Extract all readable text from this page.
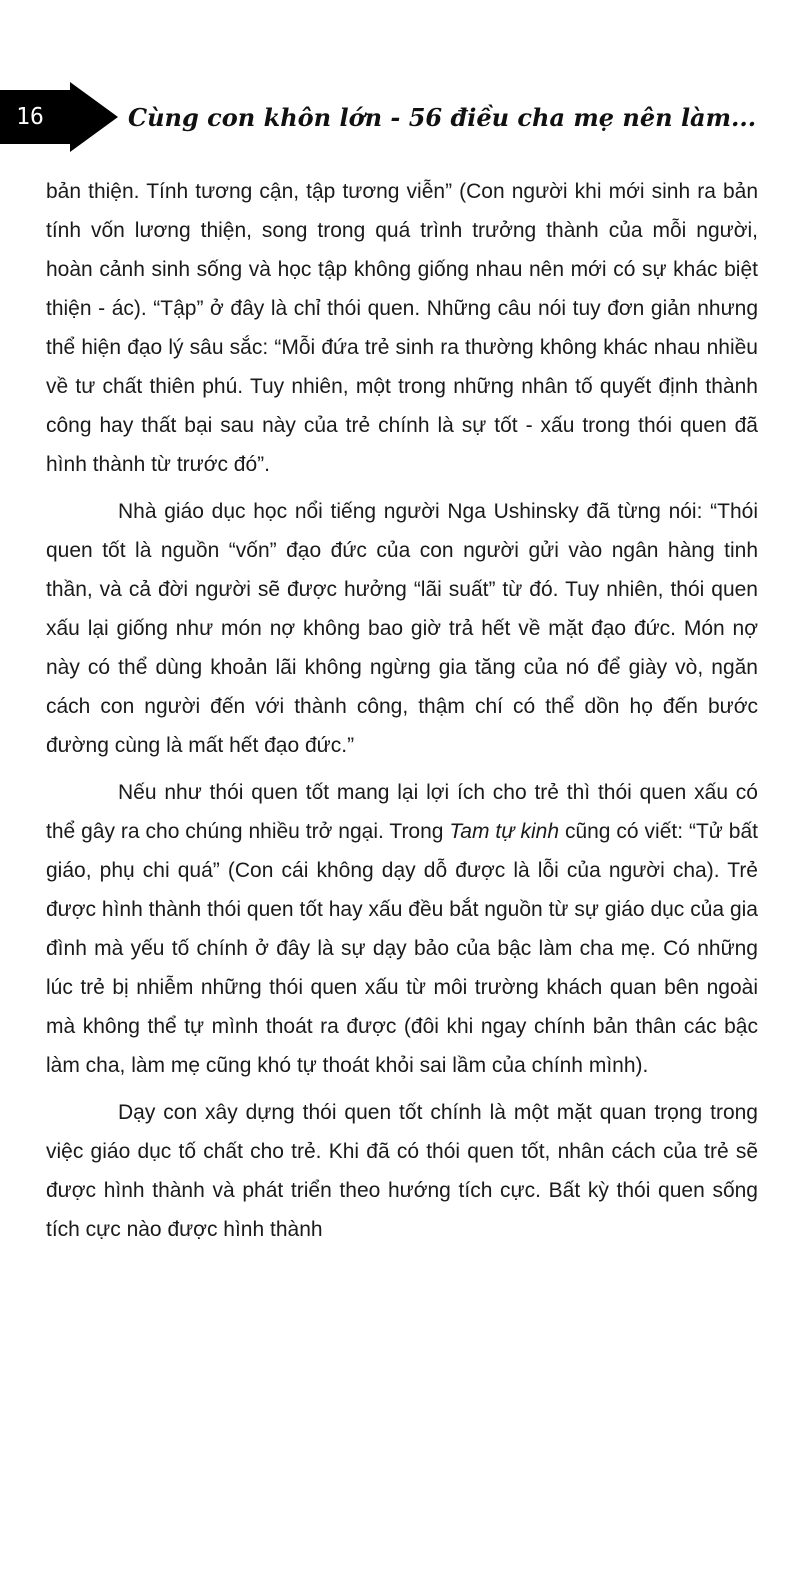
16	Cùng con khôn lớn - 56 điều cha mẹ nên làm...

bản thiện. Tính tương cận, tập tương viễn” (Con người khi mới sinh ra bản tính vốn lương thiện, song trong quá trình trưởng thành của mỗi người, hoàn cảnh sinh sống và học tập không giống nhau nên mới có sự khác biệt thiện - ác). “Tập” ở đây là chỉ thói quen. Những câu nói tuy đơn giản nhưng thể hiện đạo lý sâu sắc: “Mỗi đứa trẻ sinh ra thường không khác nhau nhiều về tư chất thiên phú. Tuy nhiên, một trong những nhân tố quyết định thành công hay thất bại sau này của trẻ chính là sự tốt - xấu trong thói quen đã hình thành từ trước đó”.

Nhà giáo dục học nổi tiếng người Nga Ushinsky đã từng nói: “Thói quen tốt là nguồn “vốn” đạo đức của con người gửi vào ngân hàng tinh thần, và cả đời người sẽ được hưởng “lãi suất” từ đó. Tuy nhiên, thói quen xấu lại giống như món nợ không bao giờ trả hết về mặt đạo đức. Món nợ này có thể dùng khoản lãi không ngừng gia tăng của nó để giày vò, ngăn cách con người đến với thành công, thậm chí có thể dồn họ đến bước đường cùng là mất hết đạo đức.”

Nếu như thói quen tốt mang lại lợi ích cho trẻ thì thói quen xấu có thể gây ra cho chúng nhiều trở ngại. Trong Tam tự kinh cũng có viết: “Tử bất giáo, phụ chi quá” (Con cái không dạy dỗ được là lỗi của người cha). Trẻ được hình thành thói quen tốt hay xấu đều bắt nguồn từ sự giáo dục của gia đình mà yếu tố chính ở đây là sự dạy bảo của bậc làm cha mẹ. Có những lúc trẻ bị nhiễm những thói quen xấu từ môi trường khách quan bên ngoài mà không thể tự mình thoát ra được (đôi khi ngay chính bản thân các bậc làm cha, làm mẹ cũng khó tự thoát khỏi sai lầm của chính mình).

Dạy con xây dựng thói quen tốt chính là một mặt quan trọng trong việc giáo dục tố chất cho trẻ. Khi đã có thói quen tốt, nhân cách của trẻ sẽ được hình thành và phát triển theo hướng tích cực. Bất kỳ thói quen sống tích cực nào được hình thành
